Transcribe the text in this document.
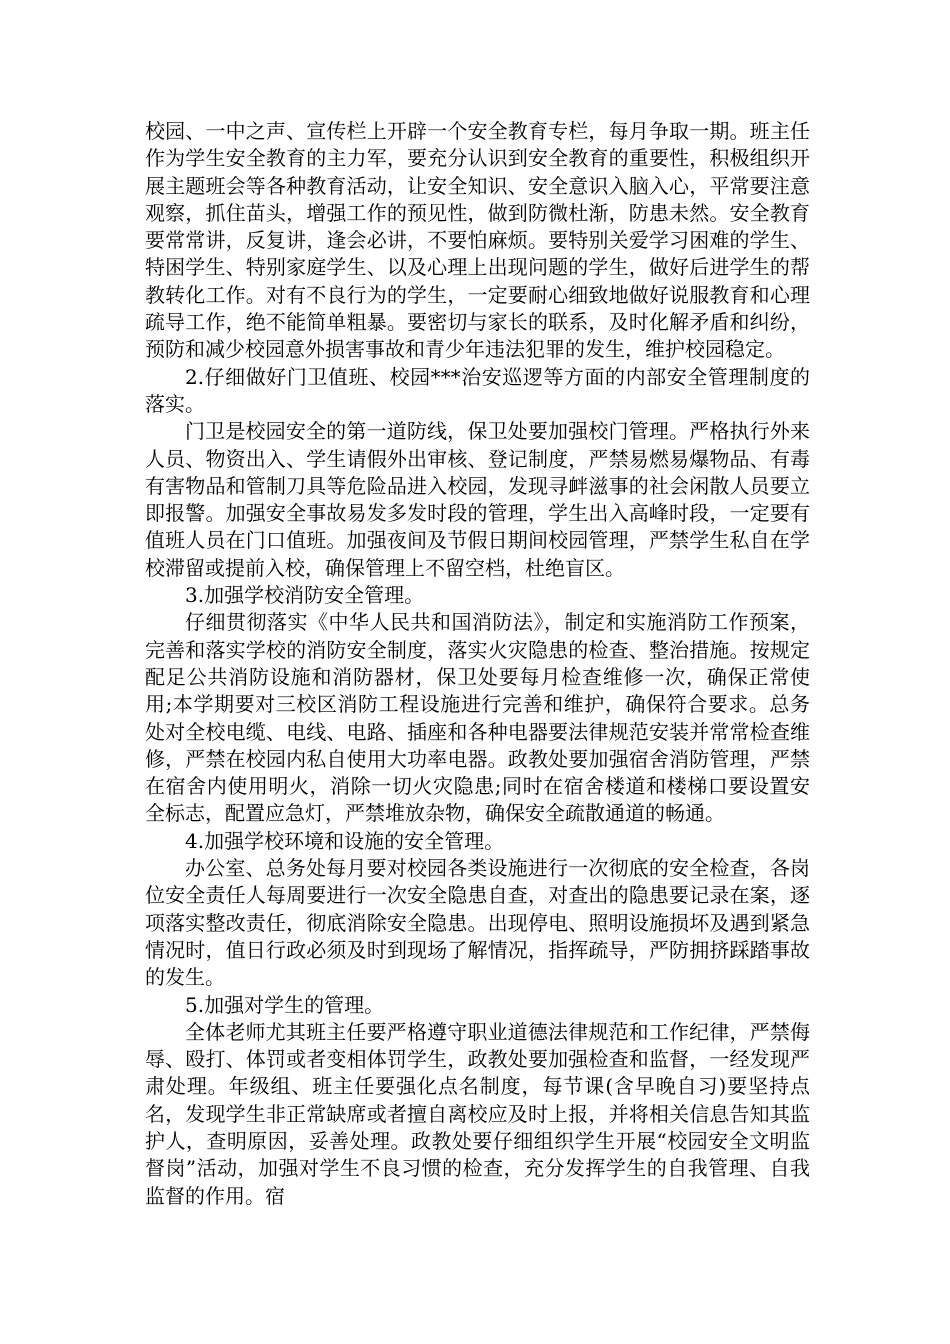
校园、一中之声、宣传栏上开辟一个安全教育专栏，每月争取一期。班主任作为学生安全教育的主力军，要充分认识到安全教育的重要性，积极组织开展主题班会等各种教育活动，让安全知识、安全意识入脑入心，平常要注意观察，抓住苗头，增强工作的预见性，做到防微杜渐，防患未然。安全教育要常常讲，反复讲，逢会必讲，不要怕麻烦。要特别关爱学习困难的学生、特困学生、特别家庭学生、以及心理上出现问题的学生，做好后进学生的帮教转化工作。对有不良行为的学生，一定要耐心细致地做好说服教育和心理疏导工作，绝不能简单粗暴。要密切与家长的联系，及时化解矛盾和纠纷，预防和减少校园意外损害事故和青少年违法犯罪的发生，维护校园稳定。

2.仔细做好门卫值班、校园***治安巡逻等方面的内部安全管理制度的落实。

门卫是校园安全的第一道防线，保卫处要加强校门管理。严格执行外来人员、物资出入、学生请假外出审核、登记制度，严禁易燃易爆物品、有毒有害物品和管制刀具等危险品进入校园，发现寻衅滋事的社会闲散人员要立即报警。加强安全事故易发多发时段的管理，学生出入高峰时段，一定要有值班人员在门口值班。加强夜间及节假日期间校园管理，严禁学生私自在学校滞留或提前入校，确保管理上不留空档，杜绝盲区。

3.加强学校消防安全管理。

仔细贯彻落实《中华人民共和国消防法》，制定和实施消防工作预案，完善和落实学校的消防安全制度，落实火灾隐患的检查、整治措施。按规定配足公共消防设施和消防器材，保卫处要每月检查维修一次，确保正常使用;本学期要对三校区消防工程设施进行完善和维护，确保符合要求。总务处对全校电缆、电线、电路、插座和各种电器要法律规范安装并常常检查维修，严禁在校园内私自使用大功率电器。政教处要加强宿舍消防管理，严禁在宿舍内使用明火，消除一切火灾隐患;同时在宿舍楼道和楼梯口要设置安全标志，配置应急灯，严禁堆放杂物，确保安全疏散通道的畅通。

4.加强学校环境和设施的安全管理。

办公室、总务处每月要对校园各类设施进行一次彻底的安全检查，各岗位安全责任人每周要进行一次安全隐患自查，对查出的隐患要记录在案，逐项落实整改责任，彻底消除安全隐患。出现停电、照明设施损坏及遇到紧急情况时，值日行政必须及时到现场了解情况，指挥疏导，严防拥挤踩踏事故的发生。

5.加强对学生的管理。

全体老师尤其班主任要严格遵守职业道德法律规范和工作纪律，严禁侮辱、殴打、体罚或者变相体罚学生，政教处要加强检查和监督，一经发现严肃处理。年级组、班主任要强化点名制度，每节课(含早晚自习)要坚持点名，发现学生非正常缺席或者擅自离校应及时上报，并将相关信息告知其监护人，查明原因，妥善处理。政教处要仔细组织学生开展“校园安全文明监督岗”活动，加强对学生不良习惯的检查，充分发挥学生的自我管理、自我监督的作用。宿
